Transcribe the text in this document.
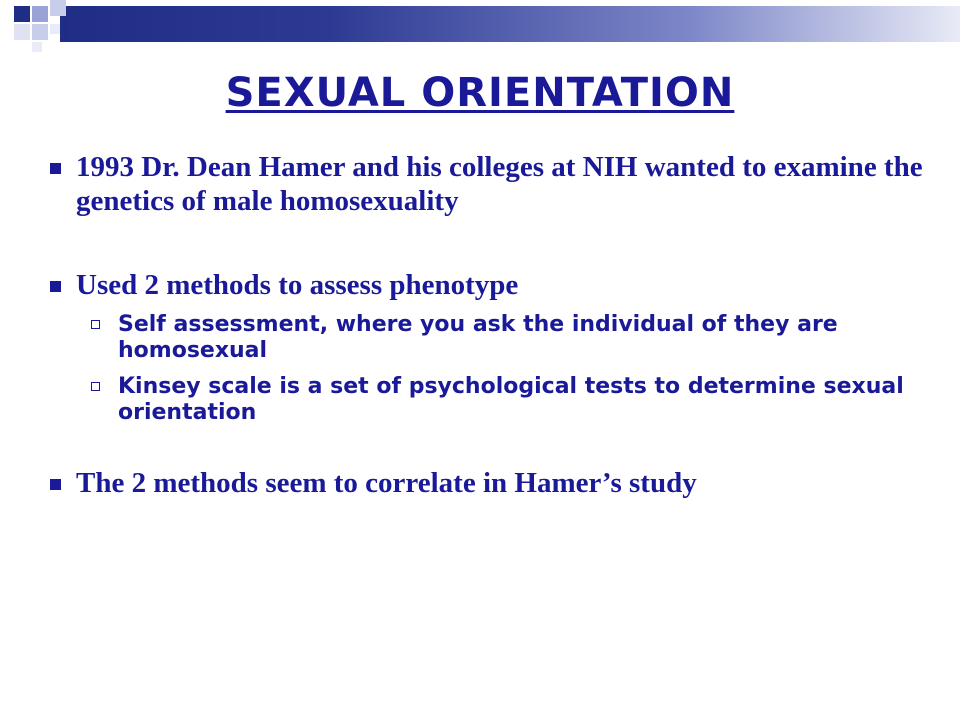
SEXUAL ORIENTATION
1993 Dr. Dean Hamer and his colleges at NIH wanted to examine the genetics of male homosexuality
Used 2 methods to assess phenotype
Self assessment, where you ask the individual of they are homosexual
Kinsey scale is a set of psychological tests to determine sexual orientation
The 2 methods seem to correlate in Hamer’s study
